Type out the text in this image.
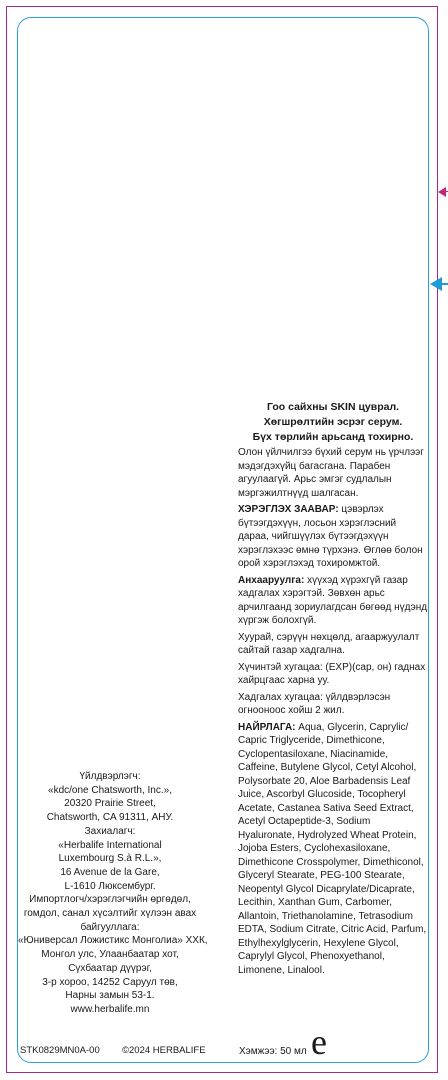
Гоо сайхны SKIN цуврал.
Хөгшрөлтийн эсрэг серум.
Бүх төрлийн арьсанд тохирно.

Олон үйлчилгээ бүхий серум нь үрчлээг мэдэгдэхүйц багасгана. Парабен агуулаагүй. Арьс эмгэг судлалын мэргэжилтнүүд шалгасан.

ХЭРЭГЛЭХ ЗААВАР: цэвэрлэх бүтээгдэхүүн, лосьон хэрэглэсний дараа, чийгшүүлэх бүтээгдэхүүн хэрэглэхээс өмнө түрхэнэ. Өглөө болон орой хэрэглэхэд тохиромжтой.

Анхааруулга: хүүхэд хүрэхгүй газар хадгалах хэрэгтэй. Зөвхөн арьс арчилгаанд зориулагдсан бөгөөд нүдэнд хүргэж болохгүй.

Хуурай, сэрүүн нөхцөлд, агааржуулалт сайтай газар хадгална.

Хүчинтэй хугацаа: (EXP)(сар, он) гаднах хайрцгаас харна уу.

Хадгалах хугацаа: үйлдвэрлэсэн огноонoос хойш 2 жил.

НАЙРЛАГА: Aqua, Glycerin, Caprylic/ Capric Triglyceride, Dimethicone, Cyclopentasiloxane, Niacinamide, Caffeine, Butylene Glycol, Cetyl Alcohol, Polysorbate 20, Aloe Barbadensis Leaf Juice, Ascorbyl Glucoside, Tocopheryl Acetate, Castanea Sativa Seed Extract, Acetyl Octapeptide-3, Sodium Hyaluronate, Hydrolyzed Wheat Protein, Jojoba Esters, Cyclohexasiloxane, Dimethicone Crosspolymer, Dimethiconol, Glyceryl Stearate, PEG-100 Stearate, Neopentyl Glycol Dicaprylate/Dicaprate, Lecithin, Xanthan Gum, Carbomer, Allantoin, Triethanolamine, Tetrasodium EDTA, Sodium Citrate, Citric Acid, Parfum, Ethylhexylglycerin, Hexylene Glycol, Caprylyl Glycol, Phenoxyethanol, Limonene, Linalool.

Үйлдвэрлэгч:
«kdc/one Chatsworth, Inc.»,
20320 Prairie Street,
Chatsworth, CA 91311, АНУ.
Захиалагч:
«Herbalife International
Luxembourg S.à R.L.»,
16 Avenue de la Gare,
L-1610 Люксембург.
Импортлогч/хэрэглэгчийн өргөдөл,
гомдол, санал хүсэлтийг хүлээн авах
байгууллага:
«Юниверсал Ложистикс Монголиа» ХХК,
Монгол улс, Улаанбаатар хот,
Сүхбаатар дүүрэг,
3-р хороо, 14252 Саруул төв,
Нарны замын 53-1.
www.herbalife.mn
STK0829MN0A-00 ©2024 HERBALIFE	Хэмжээ: 50 мл e
